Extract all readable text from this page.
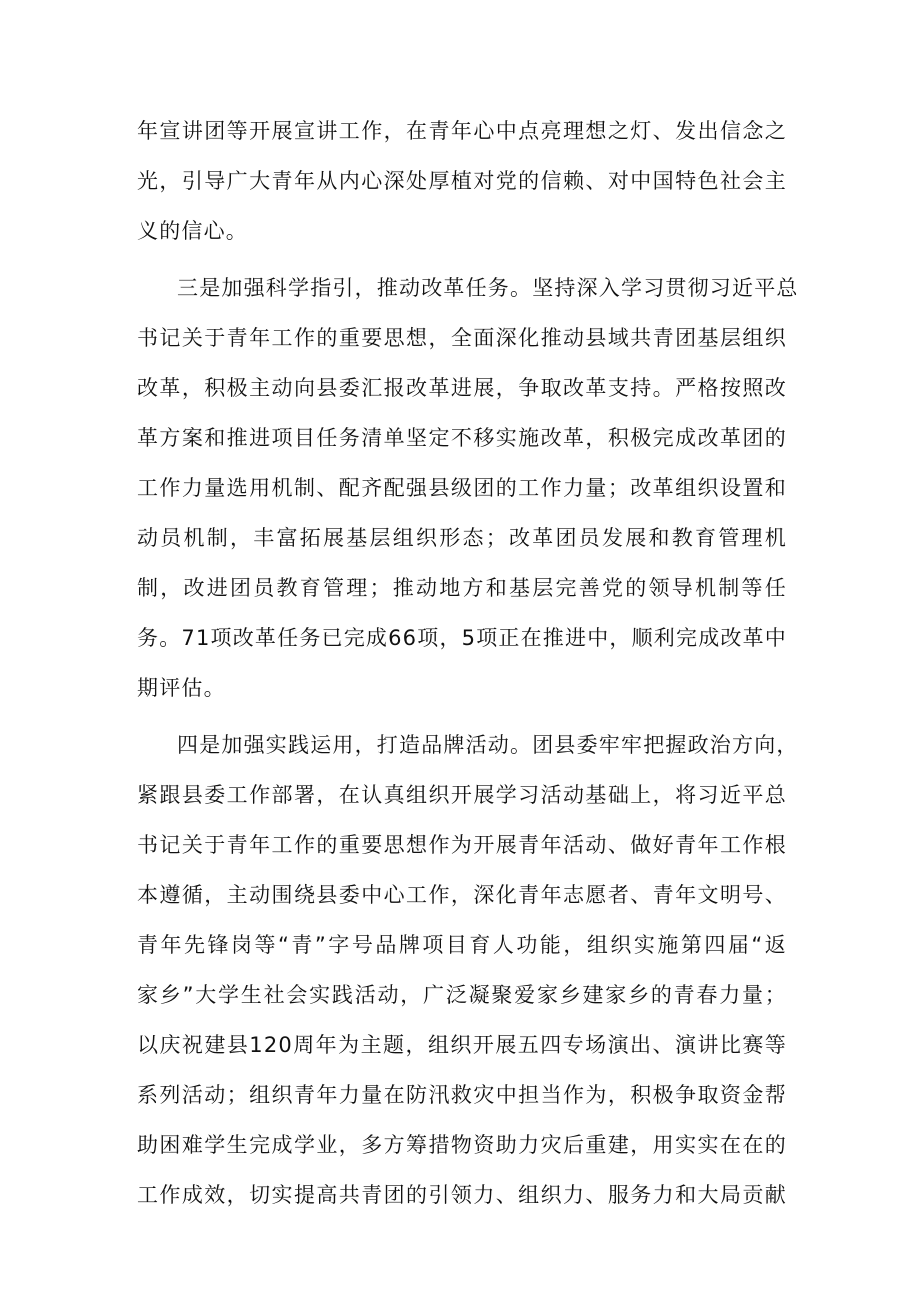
年宣讲团等开展宣讲工作，在青年心中点亮理想之灯、发出信念之
光，引导广大青年从内心深处厚植对党的信赖、对中国特色社会主
义的信心。
三是加强科学指引，推动改革任务。坚持深入学习贯彻习近平总
书记关于青年工作的重要思想，全面深化推动县域共青团基层组织
改革，积极主动向县委汇报改革进展，争取改革支持。严格按照改
革方案和推进项目任务清单坚定不移实施改革，积极完成改革团的
工作力量选用机制、配齐配强县级团的工作力量；改革组织设置和
动员机制，丰富拓展基层组织形态；改革团员发展和教育管理机
制，改进团员教育管理；推动地方和基层完善党的领导机制等任
务。71项改革任务已完成66项，5项正在推进中，顺利完成改革中
期评估。
四是加强实践运用，打造品牌活动。团县委牢牢把握政治方向，
紧跟县委工作部署，在认真组织开展学习活动基础上，将习近平总
书记关于青年工作的重要思想作为开展青年活动、做好青年工作根
本遵循，主动围绕县委中心工作，深化青年志愿者、青年文明号、
青年先锋岗等“青”字号品牌项目育人功能，组织实施第四届“返
家乡”大学生社会实践活动，广泛凝聚爱家乡建家乡的青春力量；
以庆祝建县120周年为主题，组织开展五四专场演出、演讲比赛等
系列活动；组织青年力量在防汛救灾中担当作为，积极争取资金帮
助困难学生完成学业，多方筹措物资助力灾后重建，用实实在在的
工作成效，切实提高共青团的引领力、组织力、服务力和大局贡献
